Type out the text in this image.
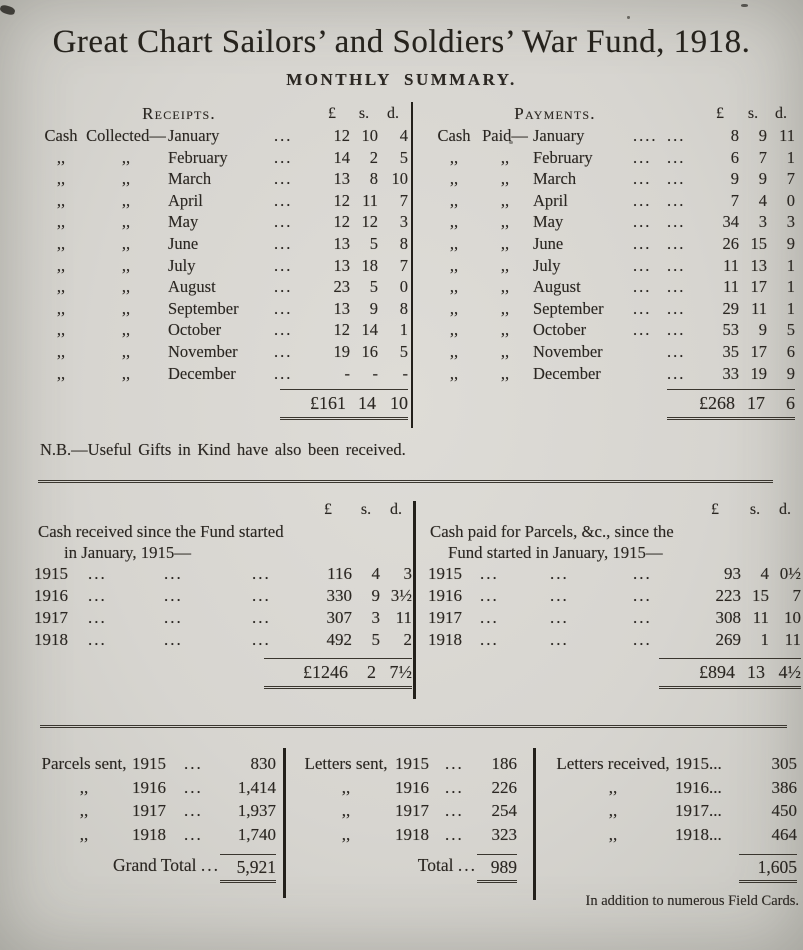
Great Chart Sailors’ and Soldiers’ War Fund, 1918.
MONTHLY SUMMARY.
Receipts.	£	s.	d.
Cash Collected— January	...	12 10	4
,,	,,	February	...	14	2	5
,,	,,	March	...	13	8 10
,,	,,	April	...	12 11	7
,,	,,	May	...	12 12	3
,,	,,	June	...	13	5	8
,,	,,	July	...	13 18	7
,,	,,	August	...	23	5	0
,,	,,	September	...	13	9	8
,,	,,	October	...	12 14	1
,,	,,	November	...	19 16	5
,,	,,	December	...	-	-	-
£161 14 10
Payments.	£	s.	d.
Cash Paid— January	.... ...	8	9 11
,,	,,	February	... ...	6	7	1
,,	,,	March	... ...	9	9	7
,,	,,	April	... ...	7	4	0
,,	,,	May	... ...	34	3	3
,,	,,	June	... ...	26 15	9
,,	,,	July	... ...	11 13	1
,,	,,	August	... ...	11 17	1
,,	,,	September	... ...	29 11	1
,,	,,	October	... ...	53	9	5
,,	,,	November	...	35 17	6
,,	,,	December	...	33 19	9
£268 17	6

N.B.—Useful Gifts in Kind have also been received.

£	s.	d.

Cash received since the Fund started

in January, 1915—

1915	...	...	...	116	4	3
1916	...	...	...	330	9 3½
1917	...	...	...	307	3 11
1918	...	...	...	492	5	2
£1246	2 7½
£	s.	d.

Cash paid for Parcels, &c., since the

Fund started in January, 1915—

1915	...	...	...	93	4 0½
1916	...	...	...	223 15	7
1917	...	...	...	308 11 10
1918	...	...	...	269	1 11
£894 13 4½
Parcels sent, 1915	...	830
,,	1916	...	1,414
,,	1917	...	1,937
,,	1918	...	1,740
Grand Total ... 5,921
Letters sent, 1915 ...	186
,,	1916 ...	226
,,	1917 ...	254
,,	1918 ...	323
Total ... 989
Letters received, 1915...	305
,,	1916...	386
,,	1917...	450
,,	1918...	464
1,605

In addition to numerous Field Cards.
